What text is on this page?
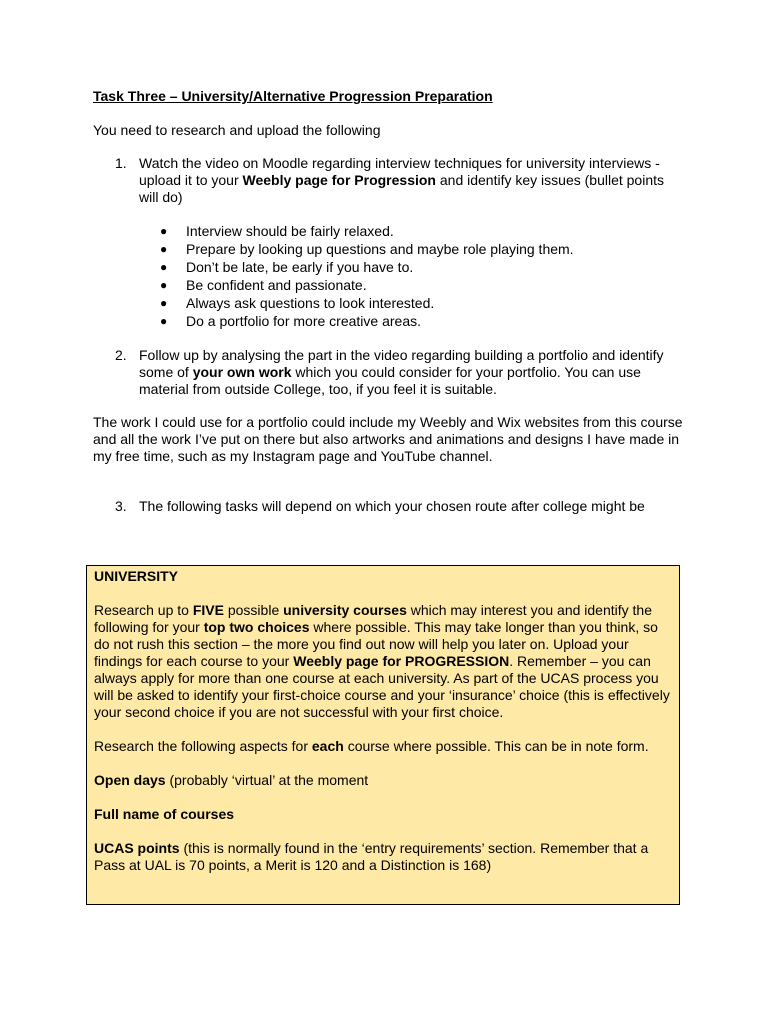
Task Three – University/Alternative Progression Preparation
You need to research and upload the following
1. Watch the video on Moodle regarding interview techniques for university interviews - upload it to your Weebly page for Progression and identify key issues (bullet points will do)
● Interview should be fairly relaxed.
● Prepare by looking up questions and maybe role playing them.
● Don’t be late, be early if you have to.
● Be confident and passionate.
● Always ask questions to look interested.
● Do a portfolio for more creative areas.
2. Follow up by analysing the part in the video regarding building a portfolio and identify some of your own work which you could consider for your portfolio. You can use material from outside College, too, if you feel it is suitable.
The work I could use for a portfolio could include my Weebly and Wix websites from this course and all the work I’ve put on there but also artworks and animations and designs I have made in my free time, such as my Instagram page and YouTube channel.
3. The following tasks will depend on which your chosen route after college might be

UNIVERSITY

Research up to FIVE possible university courses which may interest you and identify the following for your top two choices where possible. This may take longer than you think, so do not rush this section – the more you find out now will help you later on. Upload your findings for each course to your Weebly page for PROGRESSION. Remember – you can always apply for more than one course at each university. As part of the UCAS process you will be asked to identify your first-choice course and your ‘insurance’ choice (this is effectively your second choice if you are not successful with your first choice.

Research the following aspects for each course where possible. This can be in note form.

Open days (probably ‘virtual’ at the moment

Full name of courses

UCAS points (this is normally found in the ‘entry requirements’ section. Remember that a Pass at UAL is 70 points, a Merit is 120 and a Distinction is 168)
